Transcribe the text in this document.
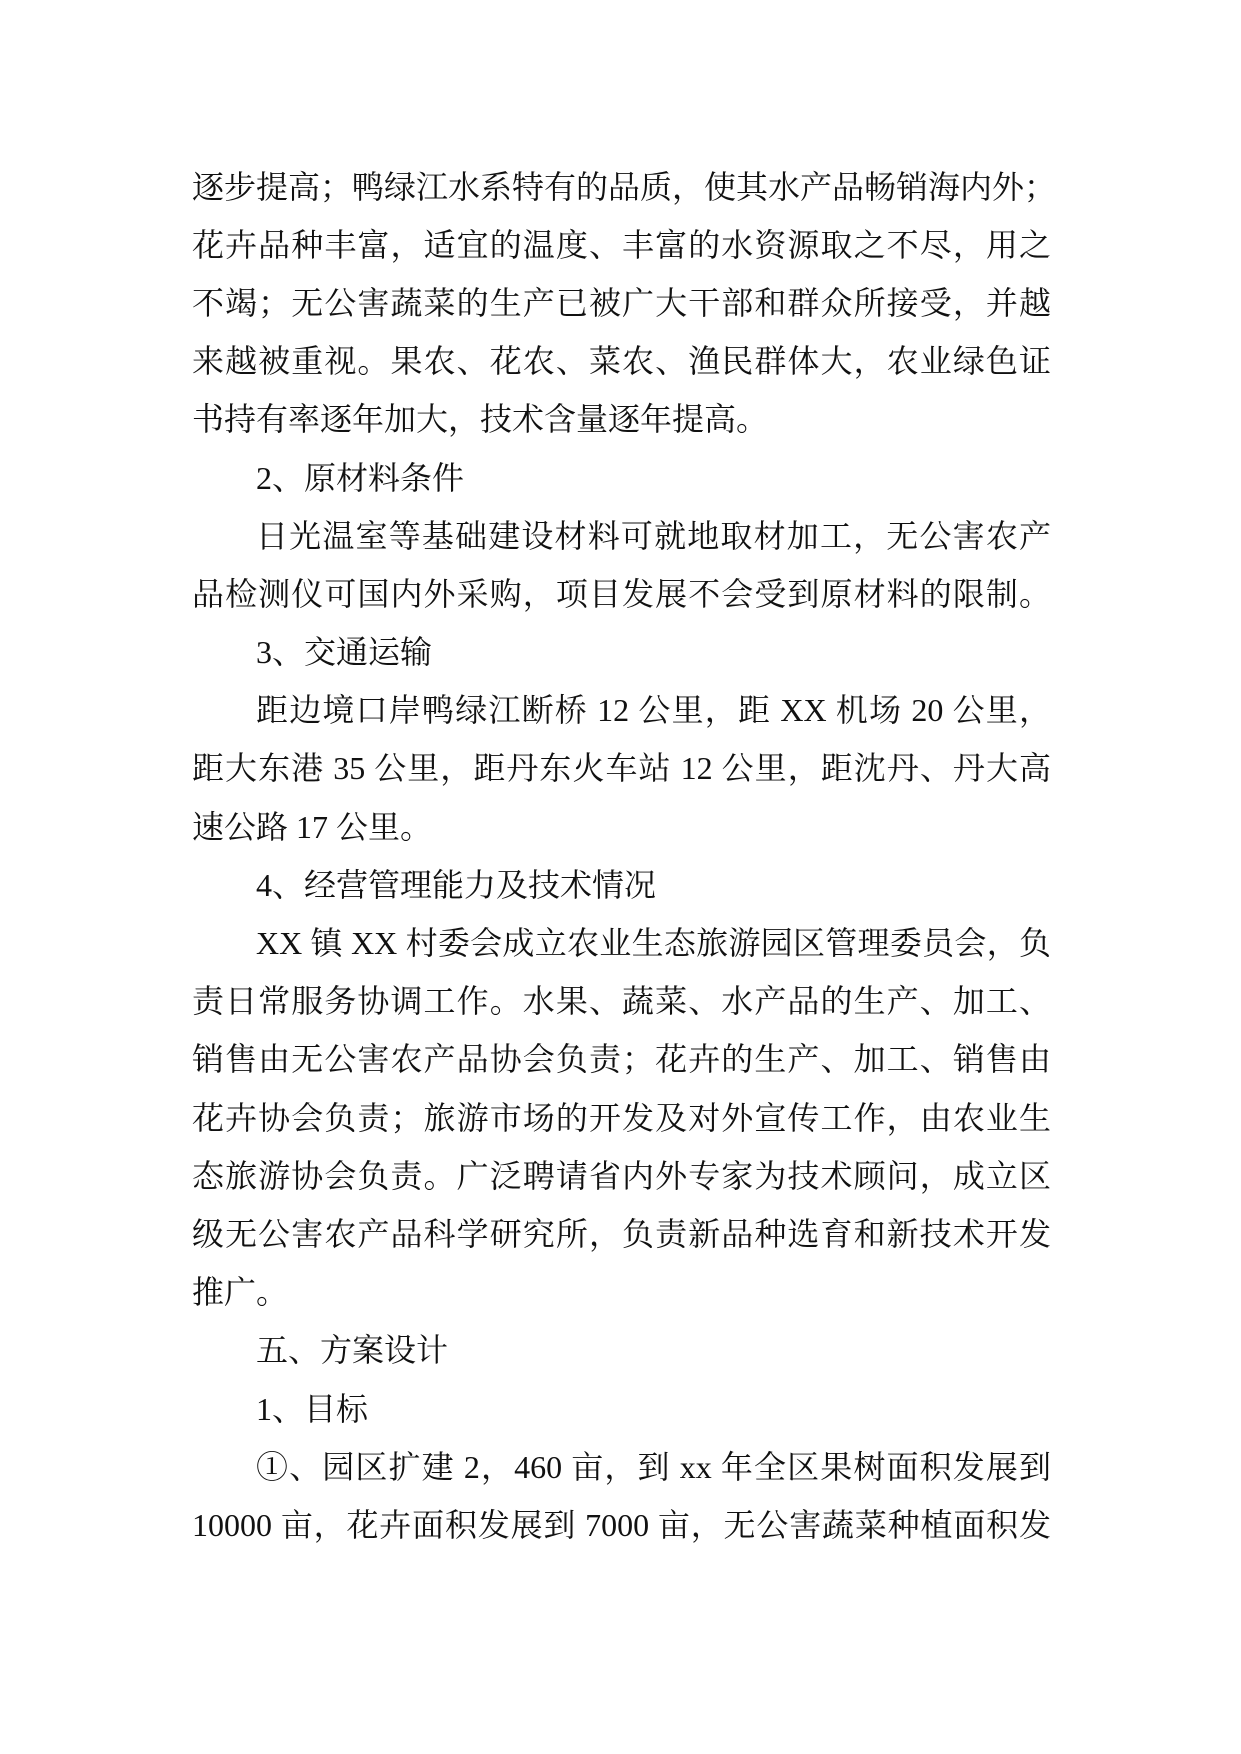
逐步提高；鸭绿江水系特有的品质，使其水产品畅销海内外；
花卉品种丰富，适宜的温度、丰富的水资源取之不尽，用之
不竭；无公害蔬菜的生产已被广大干部和群众所接受，并越
来越被重视。果农、花农、菜农、渔民群体大，农业绿色证
书持有率逐年加大，技术含量逐年提高。
2、原材料条件
日光温室等基础建设材料可就地取材加工，无公害农产
品检测仪可国内外采购，项目发展不会受到原材料的限制。
3、交通运输
距边境口岸鸭绿江断桥 12 公里，距 XX 机场 20 公里，
距大东港 35 公里，距丹东火车站 12 公里，距沈丹、丹大高
速公路 17 公里。
4、经营管理能力及技术情况
XX 镇 XX 村委会成立农业生态旅游园区管理委员会，负
责日常服务协调工作。水果、蔬菜、水产品的生产、加工、
销售由无公害农产品协会负责；花卉的生产、加工、销售由
花卉协会负责；旅游市场的开发及对外宣传工作，由农业生
态旅游协会负责。广泛聘请省内外专家为技术顾问，成立区
级无公害农产品科学研究所，负责新品种选育和新技术开发
推广。
五、方案设计
1、目标
①、园区扩建 2，460 亩，到 xx 年全区果树面积发展到
10000 亩，花卉面积发展到 7000 亩，无公害蔬菜种植面积发
